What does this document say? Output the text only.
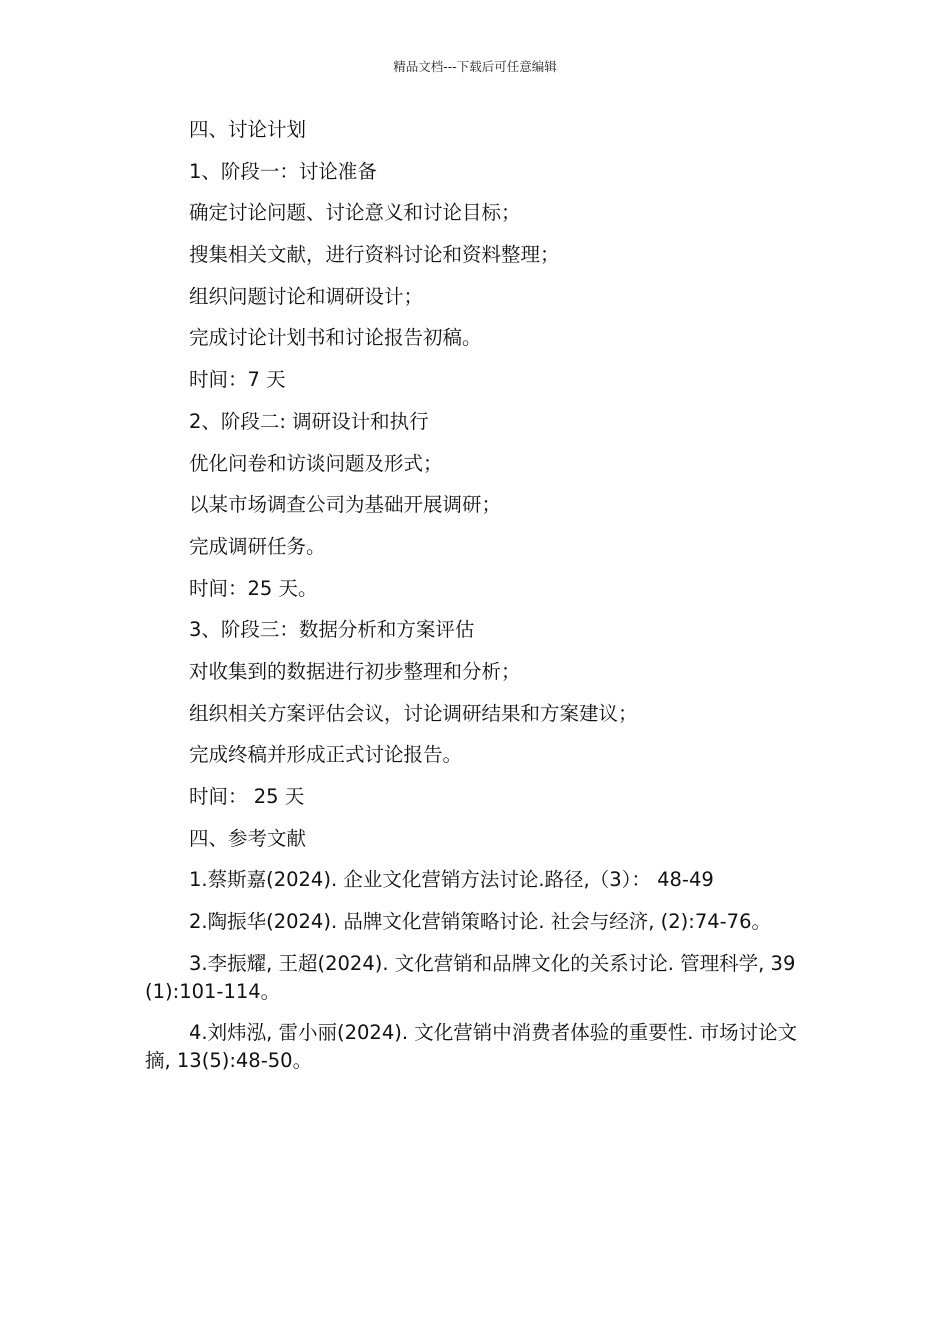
精品文档---下载后可任意编辑
四、讨论计划
1、阶段一：讨论准备
确定讨论问题、讨论意义和讨论目标；
搜集相关文献，进行资料讨论和资料整理；
组织问题讨论和调研设计；
完成讨论计划书和讨论报告初稿。
时间：7 天
2、阶段二: 调研设计和执行
优化问卷和访谈问题及形式；
以某市场调查公司为基础开展调研；
完成调研任务。
时间：25 天。
3、阶段三：数据分析和方案评估
对收集到的数据进行初步整理和分析；
组织相关方案评估会议，讨论调研结果和方案建议；
完成终稿并形成正式讨论报告。
时间： 25 天
四、参考文献
1.蔡斯嘉(2024). 企业文化营销方法讨论.路径,（3）： 48-49
2.陶振华(2024). 品牌文化营销策略讨论. 社会与经济, (2):74-76。
3.李振耀, 王超(2024). 文化营销和品牌文化的关系讨论. 管理科学, 39(1):101-114。
4.刘炜泓, 雷小丽(2024). 文化营销中消费者体验的重要性. 市场讨论文摘, 13(5):48-50。
